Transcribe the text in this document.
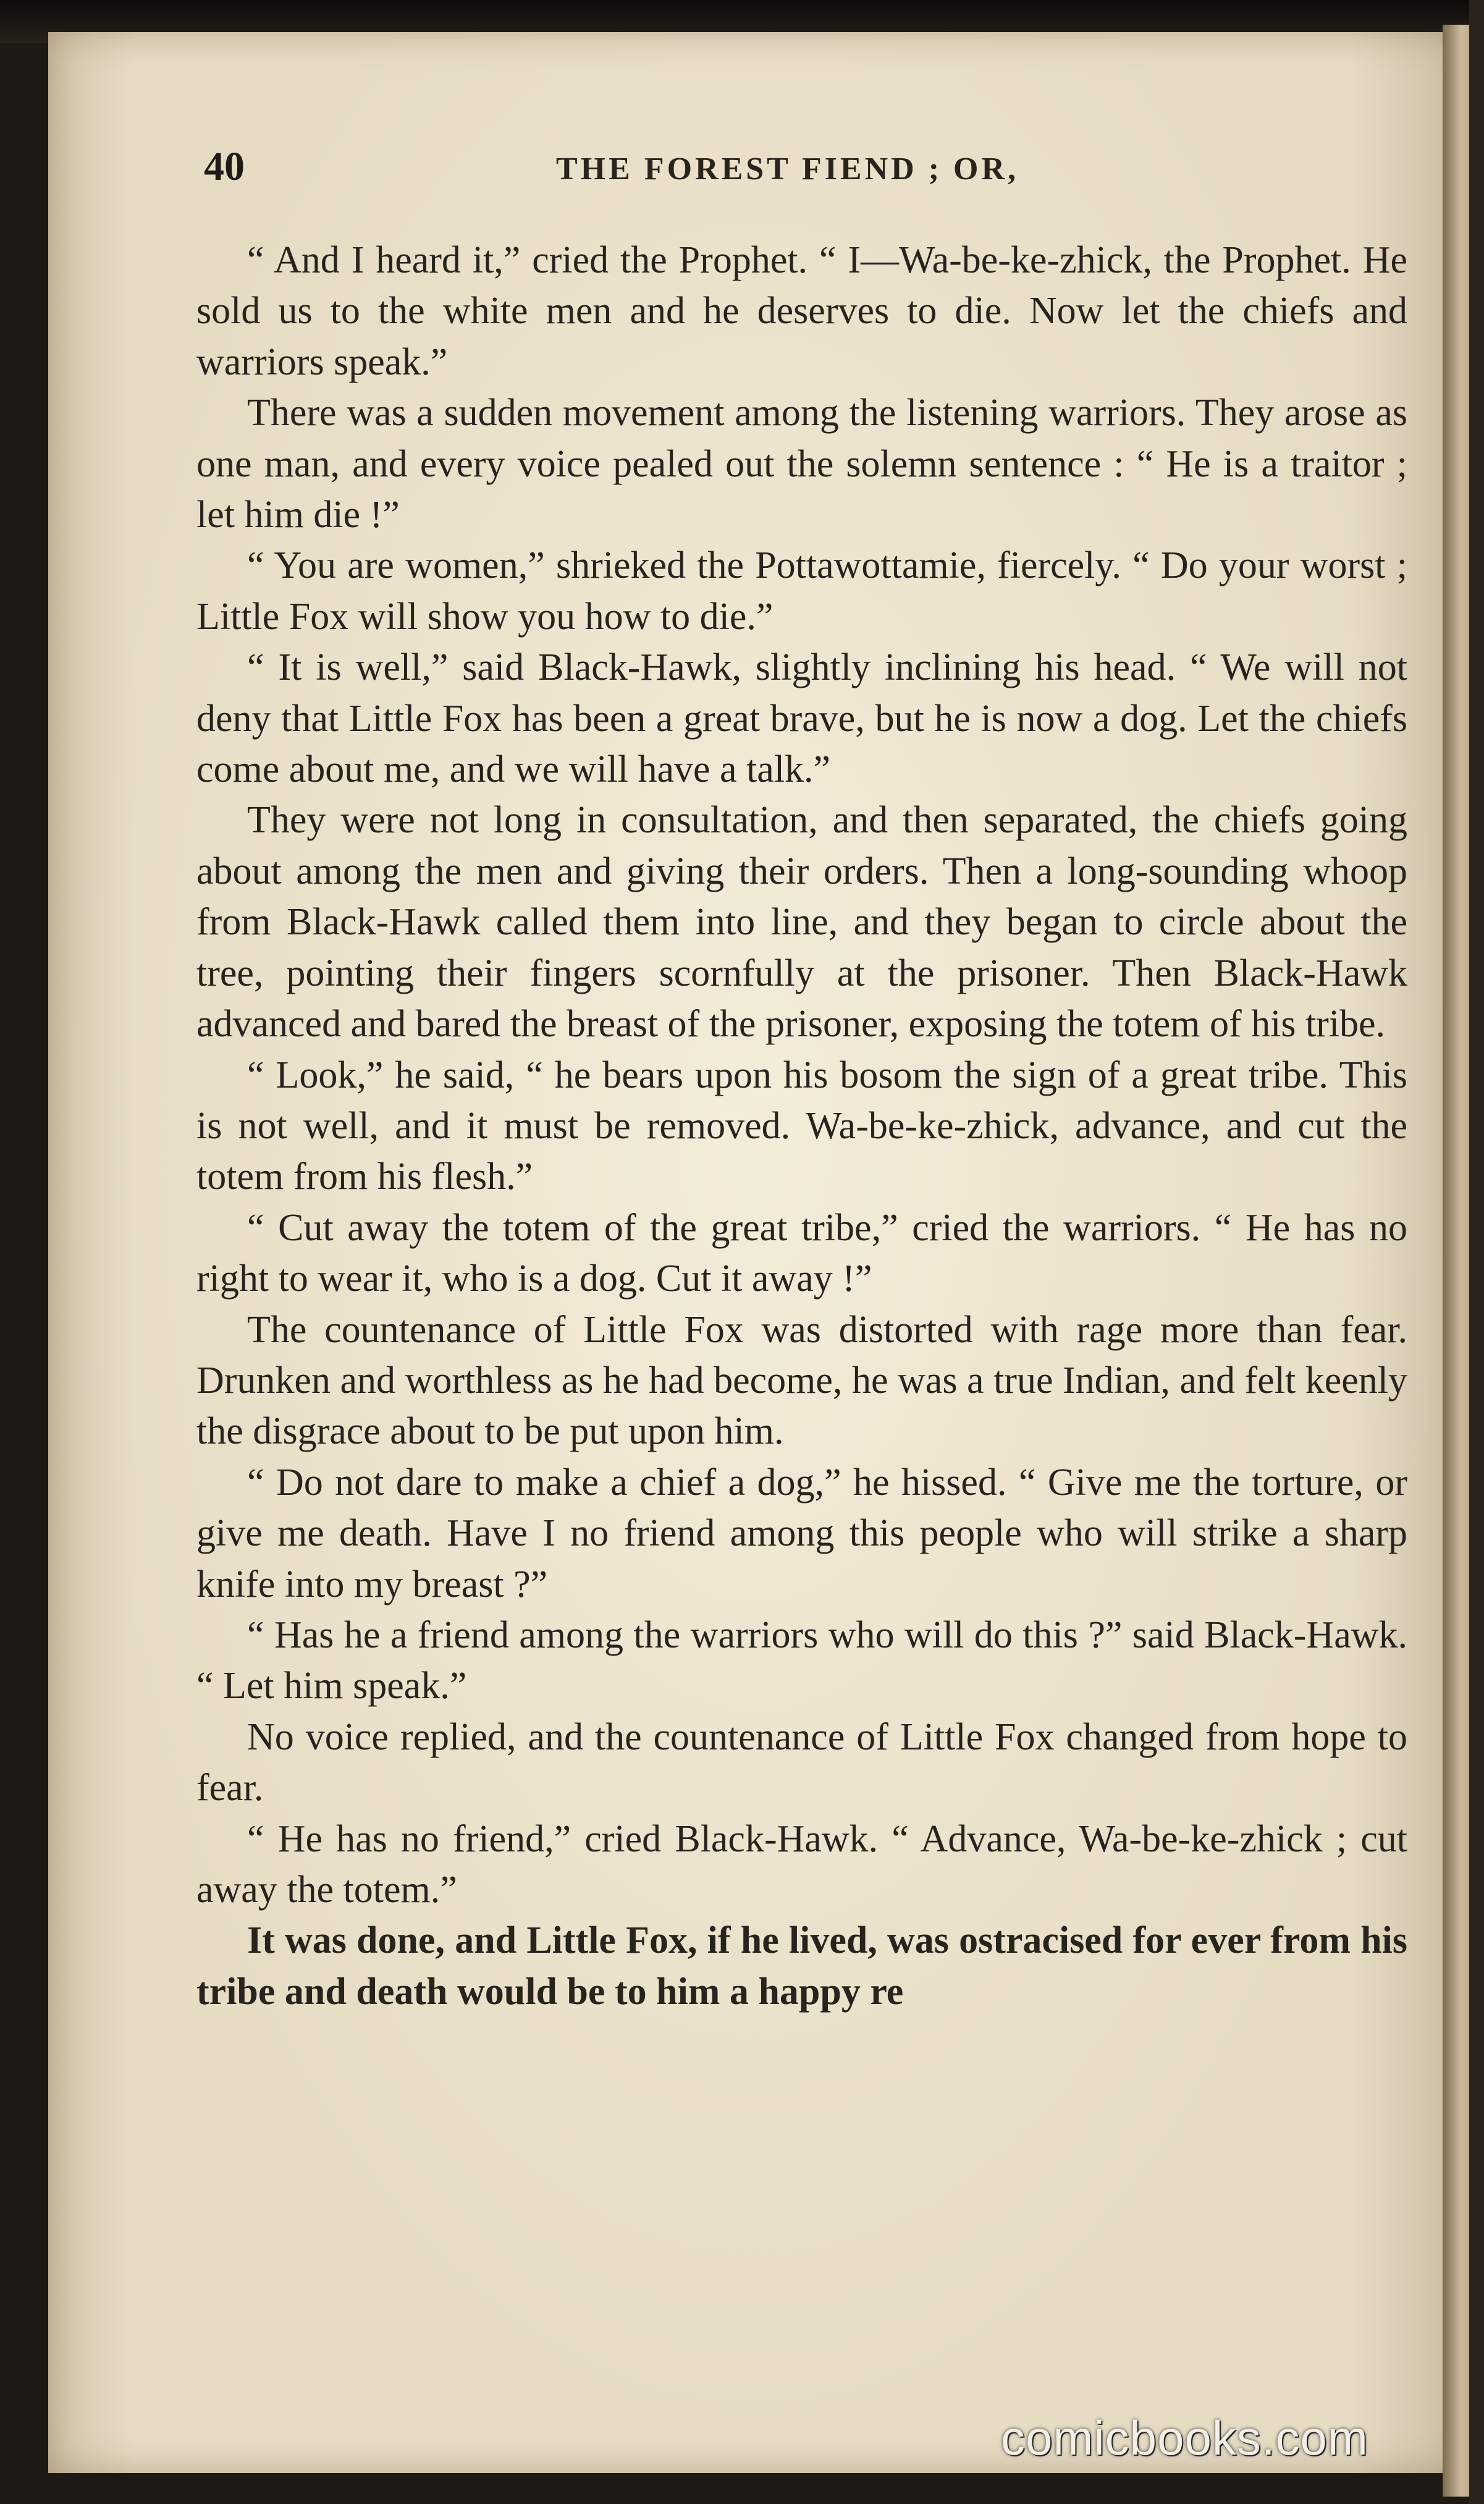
40	THE FOREST FIEND ; OR,

“ And I heard it,” cried the Prophet. “ I—Wa-be-ke-zhick, the Prophet. He sold us to the white men and he deserves to die. Now let the chiefs and warriors speak.”

There was a sudden movement among the listening warriors. They arose as one man, and every voice pealed out the solemn sentence : “ He is a traitor ; let him die !”

“ You are women,” shrieked the Pottawottamie, fiercely. “ Do your worst ; Little Fox will show you how to die.”

“ It is well,” said Black-Hawk, slightly inclining his head. “ We will not deny that Little Fox has been a great brave, but he is now a dog. Let the chiefs come about me, and we will have a talk.”

They were not long in consultation, and then separated, the chiefs going about among the men and giving their orders. Then a long-sounding whoop from Black-Hawk called them into line, and they began to circle about the tree, pointing their fingers scornfully at the prisoner. Then Black-Hawk advanced and bared the breast of the prisoner, exposing the totem of his tribe.

“ Look,” he said, “ he bears upon his bosom the sign of a great tribe. This is not well, and it must be removed. Wa-be-ke-zhick, advance, and cut the totem from his flesh.”

“ Cut away the totem of the great tribe,” cried the warriors. “ He has no right to wear it, who is a dog. Cut it away !”

The countenance of Little Fox was distorted with rage more than fear. Drunken and worthless as he had become, he was a true Indian, and felt keenly the disgrace about to be put upon him.

“ Do not dare to make a chief a dog,” he hissed. “ Give me the torture, or give me death. Have I no friend among this people who will strike a sharp knife into my breast ?”

“ Has he a friend among the warriors who will do this ?” said Black-Hawk. “ Let him speak.”

No voice replied, and the countenance of Little Fox changed from hope to fear.

“ He has no friend,” cried Black-Hawk. “ Advance, Wa-be-ke-zhick ; cut away the totem.”

It was done, and Little Fox, if he lived, was ostracised for ever from his tribe and death would be to him a happy re

comicbooks.com
